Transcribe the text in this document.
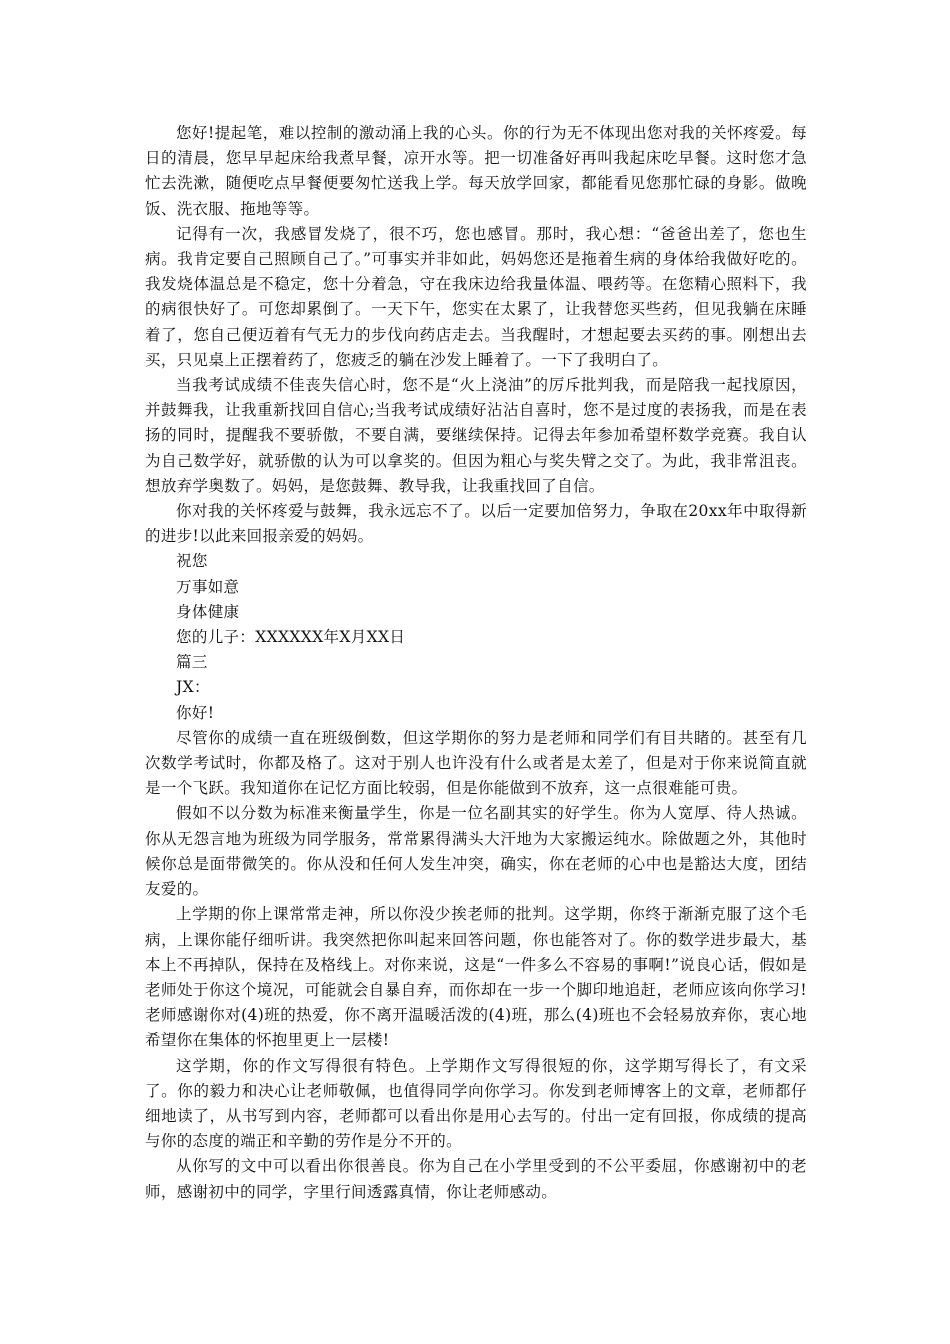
您好!提起笔，难以控制的激动涌上我的心头。你的行为无不体现出您对我的关怀疼爱。每日的清晨，您早早起床给我煮早餐，凉开水等。把一切准备好再叫我起床吃早餐。这时您才急忙去洗漱，随便吃点早餐便要匆忙送我上学。每天放学回家，都能看见您那忙碌的身影。做晚饭、洗衣服、拖地等等。

记得有一次，我感冒发烧了，很不巧，您也感冒。那时，我心想：“爸爸出差了，您也生病。我肯定要自己照顾自己了。”可事实并非如此，妈妈您还是拖着生病的身体给我做好吃的。我发烧体温总是不稳定，您十分着急，守在我床边给我量体温、喂药等。在您精心照料下，我的病很快好了。可您却累倒了。一天下午，您实在太累了，让我替您买些药，但见我躺在床睡着了，您自己便迈着有气无力的步伐向药店走去。当我醒时，才想起要去买药的事。刚想出去买，只见桌上正摆着药了，您疲乏的躺在沙发上睡着了。一下了我明白了。

当我考试成绩不佳丧失信心时，您不是“火上浇油”的厉斥批判我，而是陪我一起找原因，并鼓舞我，让我重新找回自信心;当我考试成绩好沾沾自喜时，您不是过度的表扬我，而是在表扬的同时，提醒我不要骄傲，不要自满，要继续保持。记得去年参加希望杯数学竞赛。我自认为自己数学好，就骄傲的认为可以拿奖的。但因为粗心与奖失臂之交了。为此，我非常沮丧。想放弃学奥数了。妈妈，是您鼓舞、教导我，让我重找回了自信。

你对我的关怀疼爱与鼓舞，我永远忘不了。以后一定要加倍努力，争取在20xx年中取得新的进步!以此来回报亲爱的妈妈。

祝您

万事如意

身体健康

您的儿子：XXXXXX年X月XX日

篇三

JX：

你好!

尽管你的成绩一直在班级倒数，但这学期你的努力是老师和同学们有目共睹的。甚至有几次数学考试时，你都及格了。这对于别人也许没有什么或者是太差了，但是对于你来说简直就是一个飞跃。我知道你在记忆方面比较弱，但是你能做到不放弃，这一点很难能可贵。

假如不以分数为标准来衡量学生，你是一位名副其实的好学生。你为人宽厚、待人热诚。你从无怨言地为班级为同学服务，常常累得满头大汗地为大家搬运纯水。除做题之外，其他时候你总是面带微笑的。你从没和任何人发生冲突，确实，你在老师的心中也是豁达大度，团结友爱的。

上学期的你上课常常走神，所以你没少挨老师的批判。这学期，你终于渐渐克服了这个毛病，上课你能仔细听讲。我突然把你叫起来回答问题，你也能答对了。你的数学进步最大，基本上不再掉队，保持在及格线上。对你来说，这是“一件多么不容易的事啊!”说良心话，假如是老师处于你这个境况，可能就会自暴自弃，而你却在一步一个脚印地追赶，老师应该向你学习!老师感谢你对(4)班的热爱，你不离开温暖活泼的(4)班，那么(4)班也不会轻易放弃你，衷心地希望你在集体的怀抱里更上一层楼!

这学期，你的作文写得很有特色。上学期作文写得很短的你，这学期写得长了，有文采了。你的毅力和决心让老师敬佩，也值得同学向你学习。你发到老师博客上的文章，老师都仔细地读了，从书写到内容，老师都可以看出你是用心去写的。付出一定有回报，你成绩的提高与你的态度的端正和辛勤的劳作是分不开的。

从你写的文中可以看出你很善良。你为自己在小学里受到的不公平委屈，你感谢初中的老师，感谢初中的同学，字里行间透露真情，你让老师感动。
